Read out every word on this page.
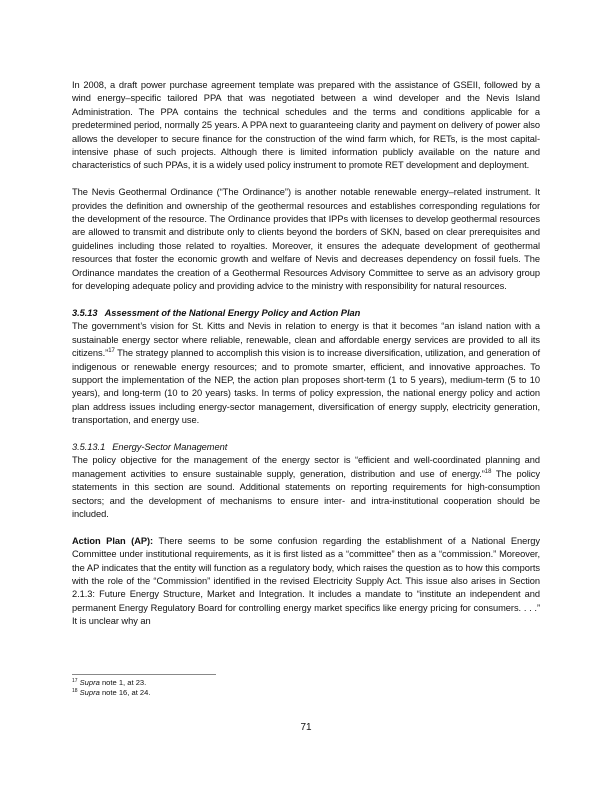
In 2008, a draft power purchase agreement template was prepared with the assistance of GSEII, followed by a wind energy–specific tailored PPA that was negotiated between a wind developer and the Nevis Island Administration. The PPA contains the technical schedules and the terms and conditions applicable for a predetermined period, normally 25 years. A PPA next to guaranteeing clarity and payment on delivery of power also allows the developer to secure finance for the construction of the wind farm which, for RETs, is the most capital-intensive phase of such projects. Although there is limited information publicly available on the nature and characteristics of such PPAs, it is a widely used policy instrument to promote RET development and deployment.

The Nevis Geothermal Ordinance (“The Ordinance”) is another notable renewable energy–related instrument. It provides the definition and ownership of the geothermal resources and establishes corresponding regulations for the development of the resource. The Ordinance provides that IPPs with licenses to develop geothermal resources are allowed to transmit and distribute only to clients beyond the borders of SKN, based on clear prerequisites and guidelines including those related to royalties. Moreover, it ensures the adequate development of geothermal resources that foster the economic growth and welfare of Nevis and decreases dependency on fossil fuels. The Ordinance mandates the creation of a Geothermal Resources Advisory Committee to serve as an advisory group for developing adequate policy and providing advice to the ministry with responsibility for natural resources.

3.5.13 Assessment of the National Energy Policy and Action Plan

The government’s vision for St. Kitts and Nevis in relation to energy is that it becomes “an island nation with a sustainable energy sector where reliable, renewable, clean and affordable energy services are provided to all its citizens.”$^{17}$ The strategy planned to accomplish this vision is to increase diversification, utilization, and generation of indigenous or renewable energy resources; and to promote smarter, efficient, and innovative approaches. To support the implementation of the NEP, the action plan proposes short-term (1 to 5 years), medium-term (5 to 10 years), and long-term (10 to 20 years) tasks. In terms of policy expression, the national energy policy and action plan address issues including energy-sector management, diversification of energy supply, electricity generation, transportation, and energy use.

3.5.13.1 Energy-Sector Management

The policy objective for the management of the energy sector is “efficient and well-coordinated planning and management activities to ensure sustainable supply, generation, distribution and use of energy.”$^{18}$ The policy statements in this section are sound. Additional statements on reporting requirements for high-consumption sectors; and the development of mechanisms to ensure inter- and intra-institutional cooperation should be included.

Action Plan (AP): There seems to be some confusion regarding the establishment of a National Energy Committee under institutional requirements, as it is first listed as a “committee” then as a “commission.” Moreover, the AP indicates that the entity will function as a regulatory body, which raises the question as to how this comports with the role of the “Commission” identified in the revised Electricity Supply Act. This issue also arises in Section 2.1.3: Future Energy Structure, Market and Integration. It includes a mandate to “institute an independent and permanent Energy Regulatory Board for controlling energy market specifics like energy pricing for consumers. . . .” It is unclear why an

$^{17}$ Supra note 1, at 23.
$^{18}$ Supra note 16, at 24.
71
